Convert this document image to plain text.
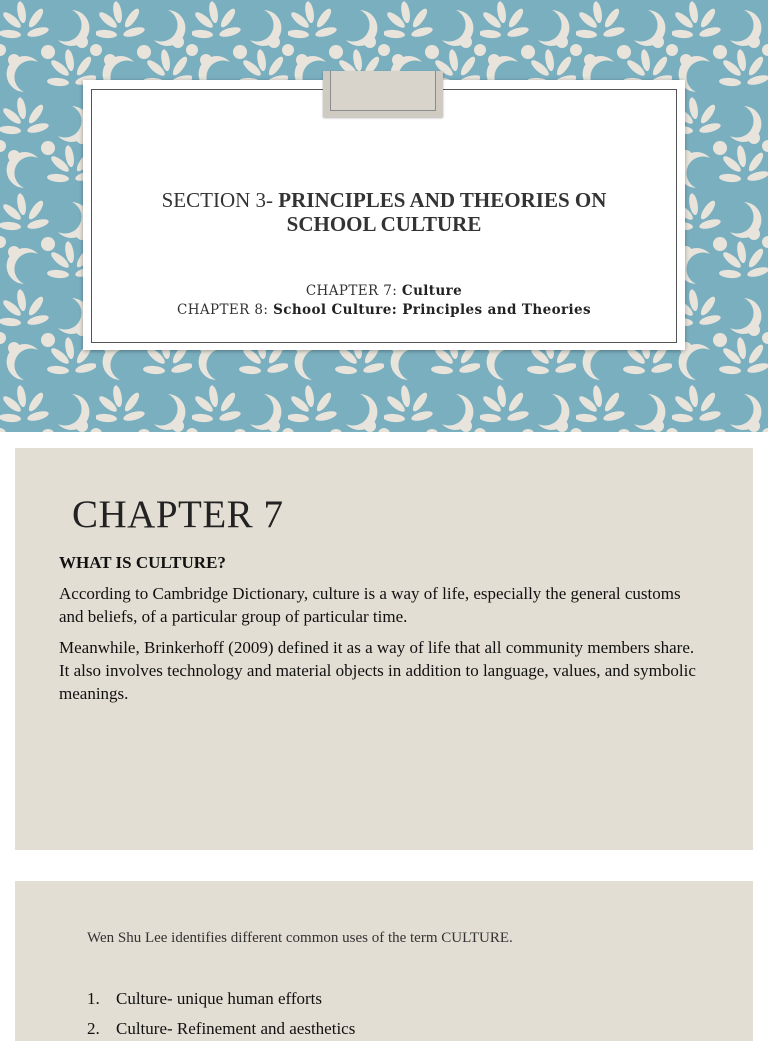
SECTION 3- PRINCIPLES AND THEORIES ON
SCHOOL CULTURE
CHAPTER 7: Culture
CHAPTER 8: School Culture: Principles and Theories
CHAPTER 7
WHAT IS CULTURE?
According to Cambridge Dictionary, culture is a way of life, especially the general customs and beliefs, of a particular group of particular time.
Meanwhile, Brinkerhoff (2009) defined it as a way of life that all community members share. It also involves technology and material objects in addition to language, values, and symbolic meanings.
Wen Shu Lee identifies different common uses of the term CULTURE.
1. Culture- unique human efforts
2. Culture- Refinement and aesthetics
